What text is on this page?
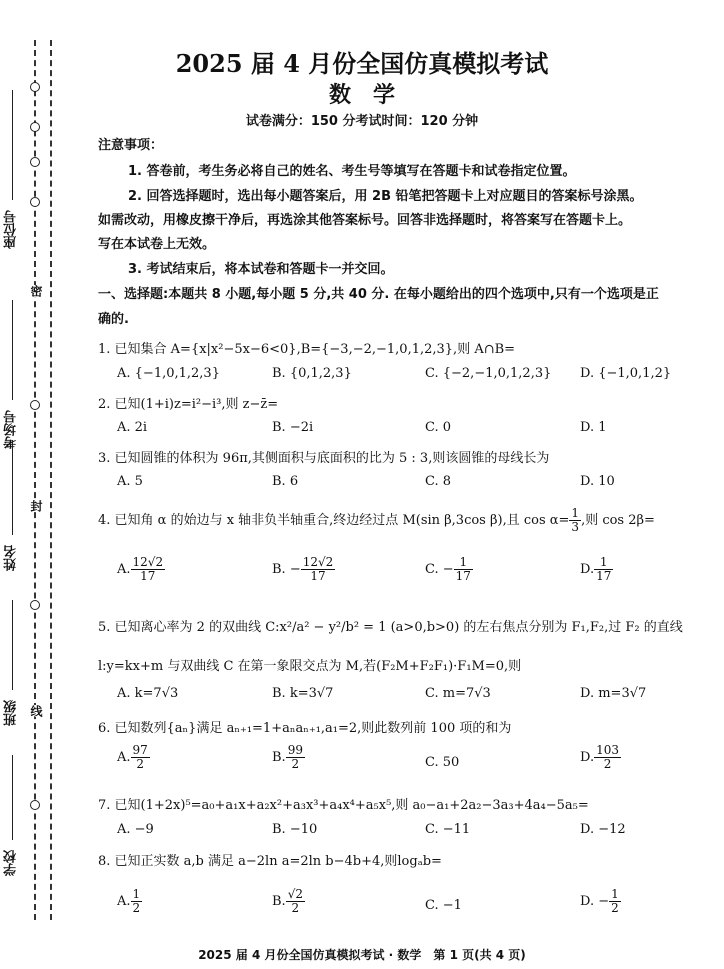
座位号
考场号
姓名
班级
学校
密
封
线
2025 届 4 月份全国仿真模拟考试
数　学
试卷满分：150 分考试时间：120 分钟
注意事项：
1. 答卷前，考生务必将自己的姓名、考生号等填写在答题卡和试卷指定位置。
2. 回答选择题时，选出每小题答案后，用 2B 铅笔把答题卡上对应题目的答案标号涂黑。
如需改动，用橡皮擦干净后，再选涂其他答案标号。回答非选择题时，将答案写在答题卡上。
写在本试卷上无效。
3. 考试结束后，将本试卷和答题卡一并交回。
一、选择题:本题共 8 小题,每小题 5 分,共 40 分. 在每小题给出的四个选项中,只有一个选项是正
确的.
1. 已知集合 A={x|x²−5x−6<0},B={−3,−2,−1,0,1,2,3},则 A∩B=
A. {−1,0,1,2,3}	B. {0,1,2,3}	C. {−2,−1,0,1,2,3} D. {−1,0,1,2}
2. 已知(1+i)z=i²−i³,则 z−z̄=
A. 2i	B. −2i	C. 0	D. 1
3. 已知圆锥的体积为 96π,其侧面积与底面积的比为 5 : 3,则该圆锥的母线长为
A. 5	B. 6	C. 8	D. 10
4. 已知角 α 的始边与 x 轴非负半轴重合,终边经过点 M(sin β,3cos β),且 $\cos \alpha= \frac{1}{3}$ ,则 cos 2β=
A. $\frac{12√2}{17}$	B. − $\frac{12√2}{17}$	C. − $\frac{1}{17}$	D. $\frac{1}{17}$
5. 已知离心率为 2 的双曲线 C:x²/a² − y²/b² = 1 (a>0,b>0) 的左右焦点分别为 F₁,F₂,过 F₂ 的直线
l:y=kx+m 与双曲线 C 在第一象限交点为 M,若(F₂M+F₂F₁)·F₁M=0,则
A. k=7√3	B. k=3√7	C. m=7√3	D. m=3√7
6. 已知数列{aₙ}满足 aₙ₊₁=1+aₙaₙ₊₁,a₁=2,则此数列前 100 项的和为
A. $\frac{97}{2}$	B. $\frac{99}{2}$	C. 50	D. $\frac{103}{2}$
7. 已知(1+2x)⁵=a₀+a₁x+a₂x²+a₃x³+a₄x⁴+a₅x⁵,则 a₀−a₁+2a₂−3a₃+4a₄−5a₅=
A. −9	B. −10	C. −11	D. −12
8. 已知正实数 a,b 满足 a−2ln a=2ln b−4b+4,则logₐb=
A. $\frac{1}{2}$	B. $\frac{√2}{2}$	C. −1	D. − $\frac{1}{2}$
2025 届 4 月份全国仿真模拟考试 · 数学　第 1 页(共 4 页)
